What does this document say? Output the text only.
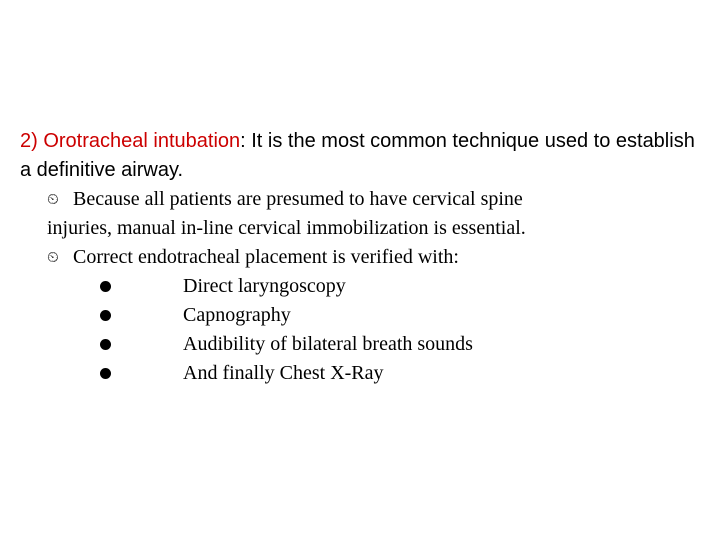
2) Orotracheal intubation: It is the most common technique used to establish a definitive airway.
⏲ Because all patients are presumed to have cervical spine
injuries, manual in-line cervical immobilization is essential.
⏲ Correct endotracheal placement is verified with:
Direct laryngoscopy
Capnography
Audibility of bilateral breath sounds
And finally Chest X-Ray
